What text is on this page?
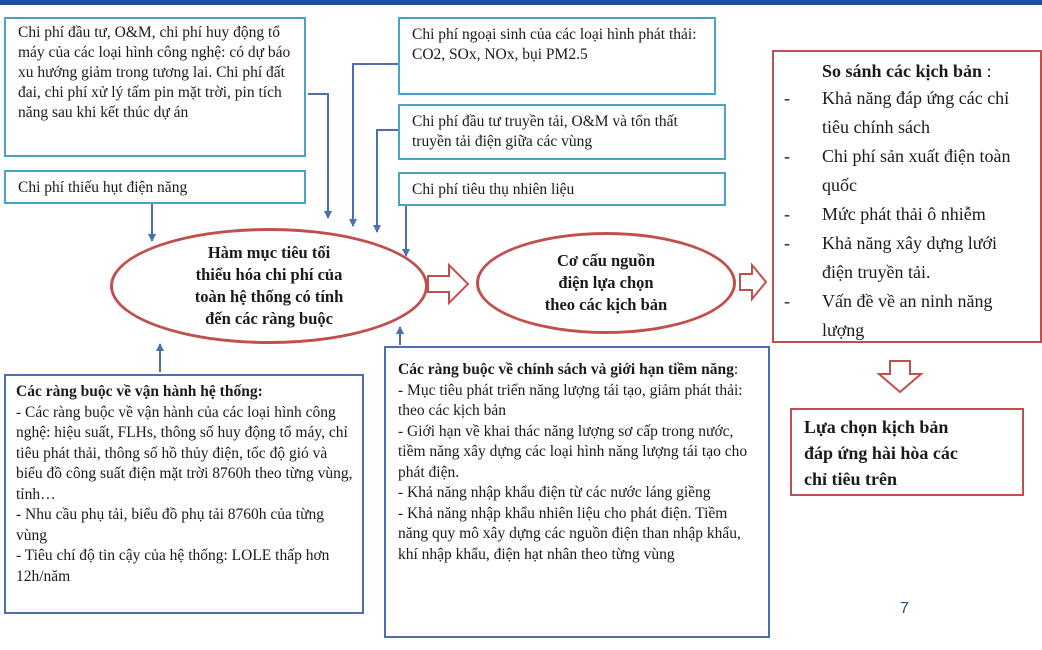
ISO 9001:2008
Chi phí đầu tư, O&M, chi phí huy động tổ máy của các loại hình công nghệ: có dự báo xu hướng giảm trong tương lai. Chi phí đất đai, chi phí xử lý tấm pin mặt trời, pin tích năng sau khi kết thúc dự án
Chi phí thiếu hụt điện năng
Chi phí ngoại sinh của các loại hình phát thải: CO2, SOx, NOx, bụi PM2.5
Chi phí đầu tư truyền tải, O&M và tổn thất truyền tải điện giữa các vùng
Chi phí tiêu thụ nhiên liệu
Hàm mục tiêu tối
thiểu hóa chi phí của
toàn hệ thống có tính
đến các ràng buộc
Cơ cấu nguồn
điện lựa chọn
theo các kịch bản
So sánh các kịch bản :
- Khả năng đáp ứng các chỉ tiêu chính sách
- Chi phí sản xuất điện toàn quốc
- Mức phát thải ô nhiễm
- Khả năng xây dựng lưới điện truyền tải.
- Vấn đề về an ninh năng lượng
Lựa chọn kịch bản
đáp ứng hài hòa các
chỉ tiêu trên
Các ràng buộc về vận hành hệ thống:
- Các ràng buộc về vận hành của các loại hình công nghệ: hiệu suất, FLHs, thông số huy động tổ máy, chỉ tiêu phát thải, thông số hồ thủy điện, tốc độ gió và biểu đồ công suất điện mặt trời 8760h theo từng vùng, tỉnh…
- Nhu cầu phụ tải, biểu đồ phụ tải 8760h của từng vùng
- Tiêu chí độ tin cậy của hệ thống: LOLE thấp hơn 12h/năm
Các ràng buộc về chính sách và giới hạn tiềm năng:
- Mục tiêu phát triển năng lượng tái tạo, giảm phát thải: theo các kịch bản
- Giới hạn về khai thác năng lượng sơ cấp trong nước, tiềm năng xây dựng các loại hình năng lượng tái tạo cho phát điện.
- Khả năng nhập khẩu điện từ các nước láng giềng
- Khả năng nhập khẩu nhiên liệu cho phát điện. Tiềm năng quy mô xây dựng các nguồn điện than nhập khẩu, khí nhập khẩu, điện hạt nhân theo từng vùng
7
